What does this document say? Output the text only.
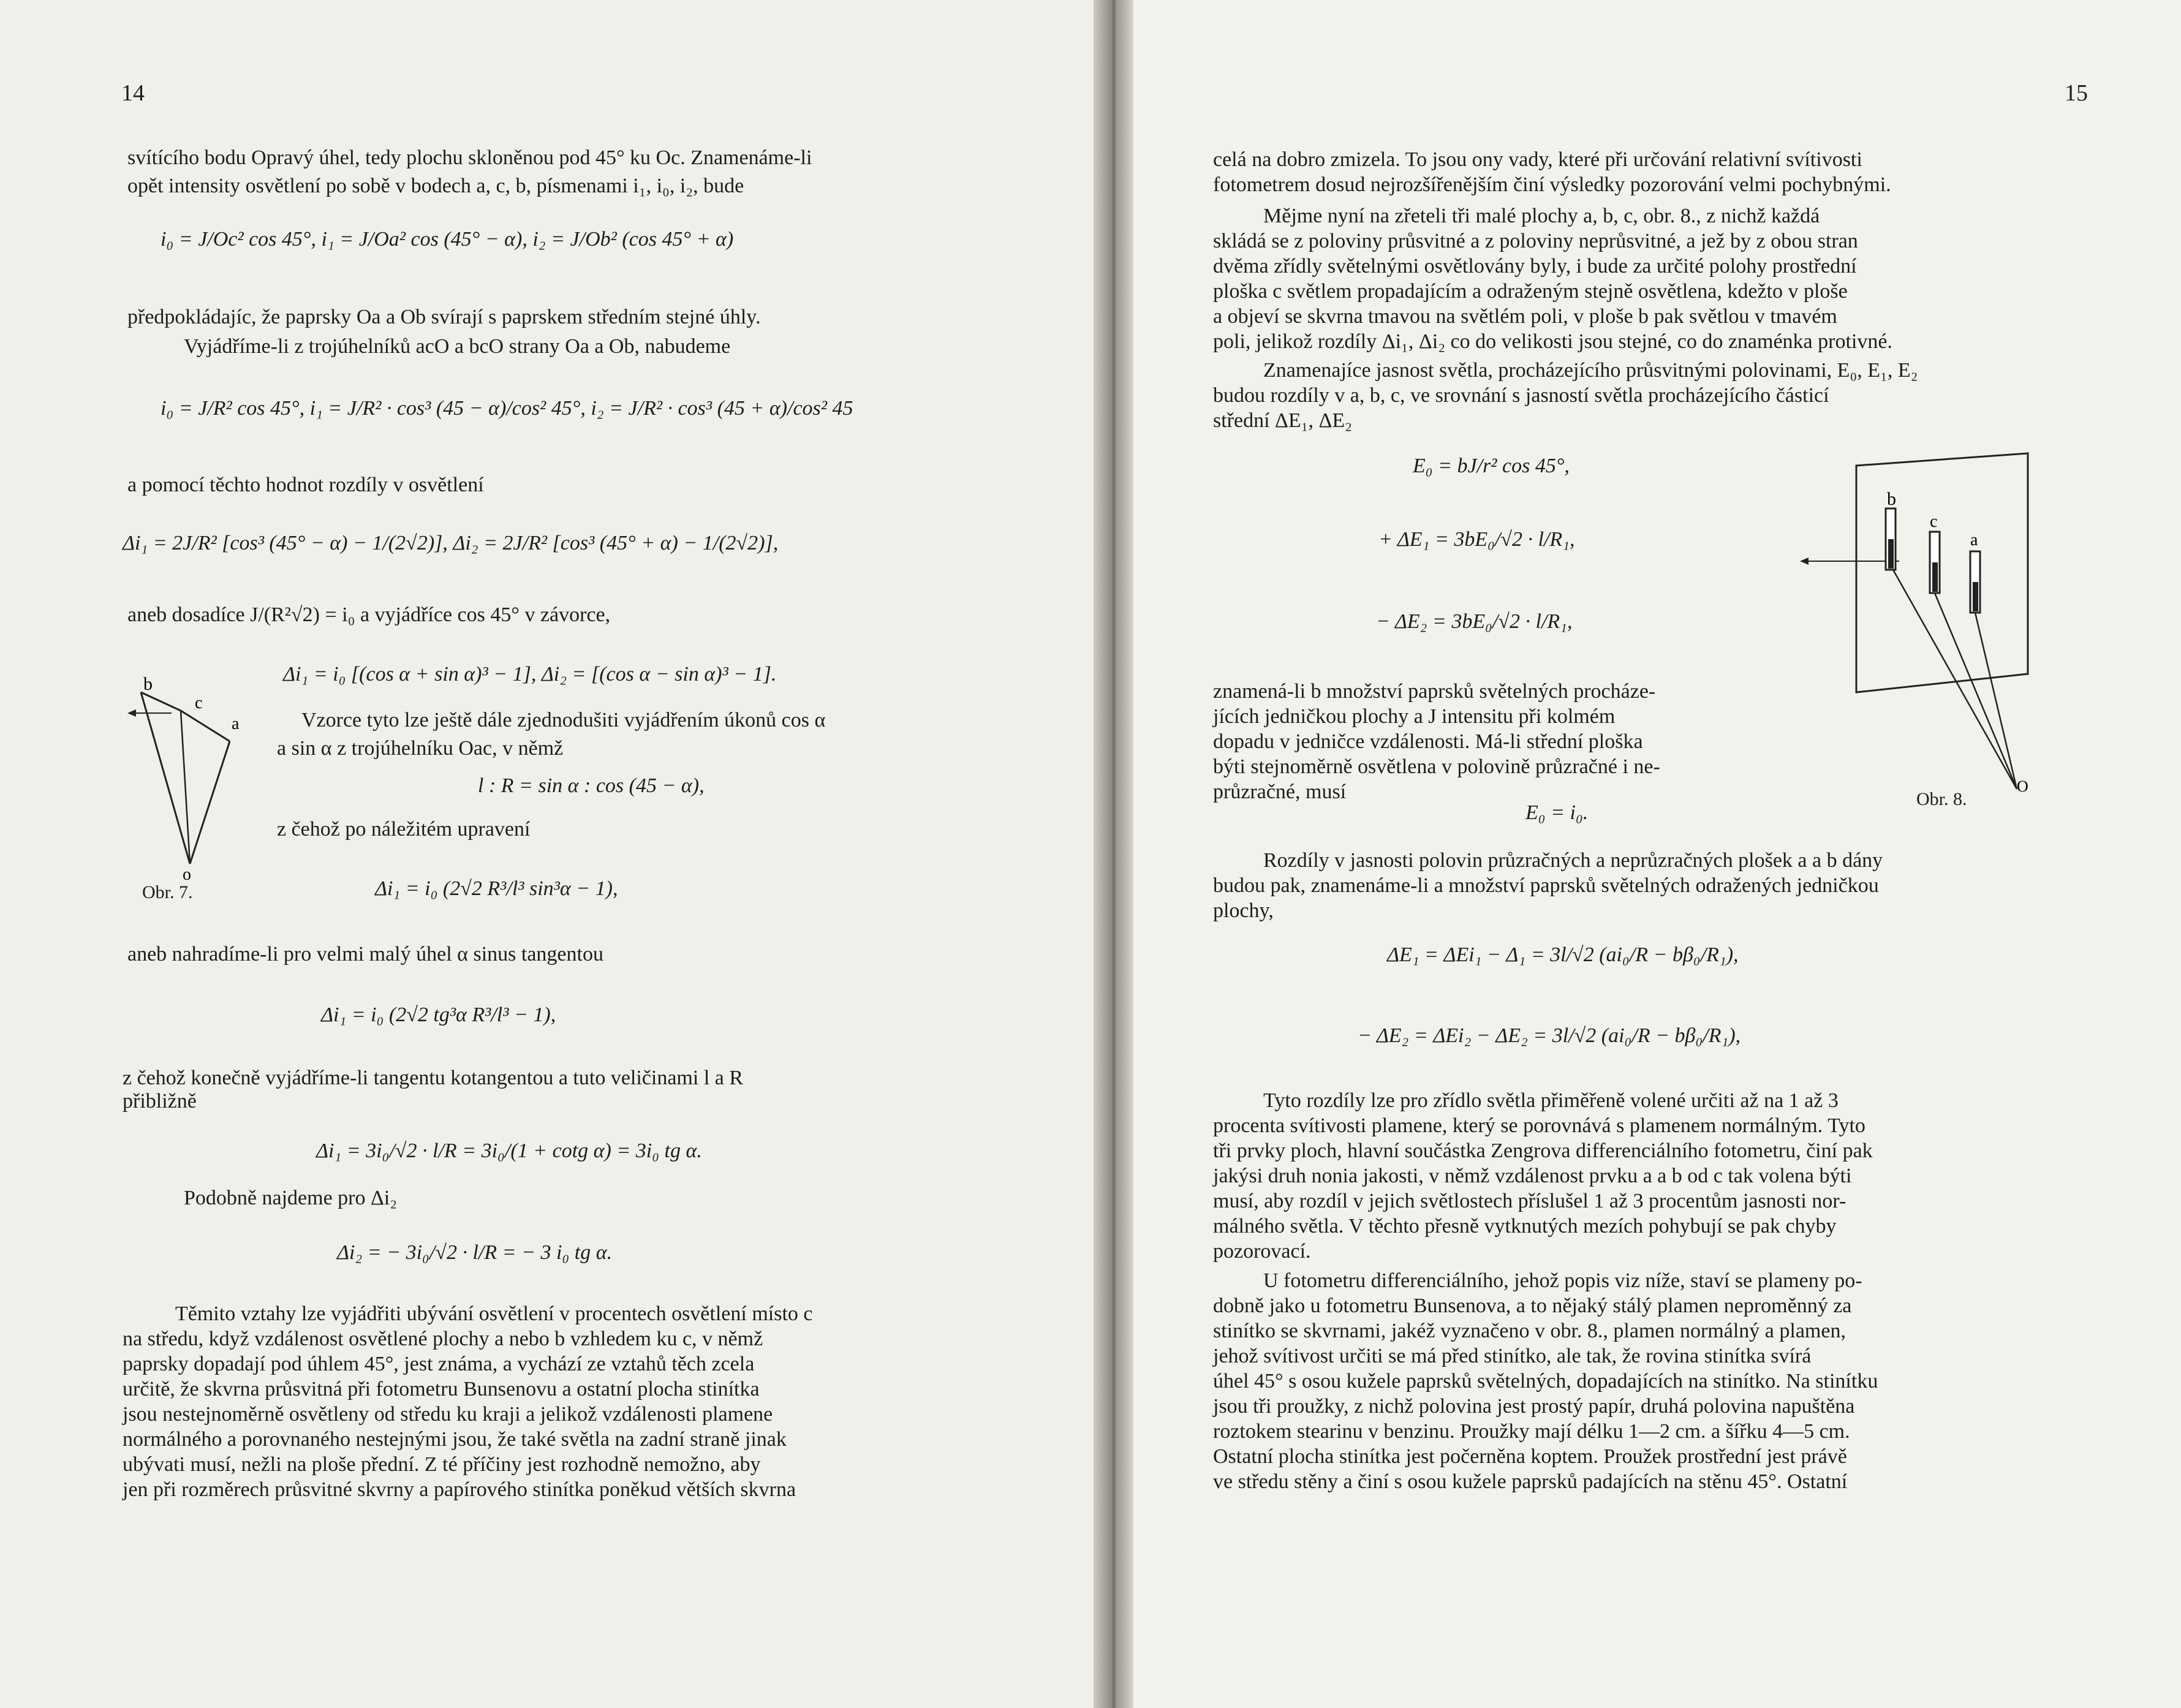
14
svítícího bodu Opravý úhel, tedy plochu skloněnou pod 45° ku Oc. Znamenáme-li
opět intensity osvětlení po sobě v bodech a, c, b, písmenami i₁, i₀, i₂, bude
i₀ = J/Oc² cos 45°, i₁ = J/Oa² cos (45° − α), i₂ = J/Ob² (cos 45° + α)
předpokládajíc, že paprsky Oa a Ob svírají s paprskem středním stejné úhly.
Vyjádříme-li z trojúhelníků acO a bcO strany Oa a Ob, nabudeme
i₀ = J/R² cos 45°, i₁ = J/R² · cos³ (45 − α)/cos² 45°, i₂ = J/R² · cos³ (45 + α)/cos² 45
a pomocí těchto hodnot rozdíly v osvětlení
Δi₁ = 2J/R² [cos³ (45° − α) − 1/(2√2)], Δi₂ = 2J/R² [cos³ (45° + α) − 1/(2√2)],
aneb dosadíce J/(R²√2) = i₀ a vyjádříce cos 45° v závorce,
Δi₁ = i₀ [(cos α + sin α)³ − 1], Δi₂ = [(cos α − sin α)³ − 1].
Vzorce tyto lze ještě dále zjednodušiti vyjádřením úkonů cos α
a sin α z trojúhelníku Oac, v němž
l : R = sin α : cos (45 − α),
z čehož po náležitém upravení
Δi₁ = i₀ (2√2 R³/l³ sin³α − 1),
b
c
a
o
Obr. 7.
aneb nahradíme-li pro velmi malý úhel α sinus tangentou
Δi₁ = i₀ (2√2 tg³α R³/l³ − 1),
z čehož konečně vyjádříme-li tangentu kotangentou a tuto veličinami l a R
přibližně
Δi₁ = 3i₀/√2 · l/R = 3i₀/(1 + cotg α) = 3i₀ tg α.
Podobně najdeme pro Δi₂
Δi₂ = − 3i₀/√2 · l/R = − 3 i₀ tg α.

Těmito vztahy lze vyjádřiti ubývání osvětlení v procentech osvětlení místo c

na středu, když vzdálenost osvětlené plochy a nebo b vzhledem ku c, v němž

paprsky dopadají pod úhlem 45°, jest známa, a vychází ze vztahů těch zcela

určitě, že skvrna průsvitná při fotometru Bunsenovu a ostatní plocha stinítka

jsou nestejnoměrně osvětleny od středu ku kraji a jelikož vzdálenosti plamene

normálného a porovnaného nestejnými jsou, že také světla na zadní straně jinak

ubývati musí, nežli na ploše přední. Z té příčiny jest rozhodně nemožno, aby

jen při rozměrech průsvitné skvrny a papírového stinítka poněkud větších skvrna

15

celá na dobro zmizela. To jsou ony vady, které při určování relativní svítivosti

fotometrem dosud nejrozšířenějším činí výsledky pozorování velmi pochybnými.

Mějme nyní na zřeteli tři malé plochy a, b, c, obr. 8., z nichž každá

skládá se z poloviny průsvitné a z poloviny neprůsvitné, a jež by z obou stran

dvěma zřídly světelnými osvětlovány byly, i bude za určité polohy prostřední

ploška c světlem propadajícím a odraženým stejně osvětlena, kdežto v ploše

a objeví se skvrna tmavou na světlém poli, v ploše b pak světlou v tmavém

poli, jelikož rozdíly Δi₁, Δi₂ co do velikosti jsou stejné, co do znaménka protivné.

Znamenajíce jasnost světla, procházejícího průsvitnými polovinami, E₀, E₁, E₂

budou rozdíly v a, b, c, ve srovnání s jasností světla procházejícího částicí

střední ΔE₁, ΔE₂

E₀ = bJ/r² cos 45°,
+ ΔE₁ = 3bE₀/√2 · l/R₁,
− ΔE₂ = 3bE₀/√2 · l/R₁,

znamená-li b množství paprsků světelných procháze-

jících jedničkou plochy a J intensitu při kolmém

dopadu v jedničce vzdálenosti. Má-li střední ploška

býti stejnoměrně osvětlena v polovině průzračné i ne-

průzračné, musí

E₀ = i₀.
b
c
a
O
Obr. 8.

Rozdíly v jasnosti polovin průzračných a neprůzračných plošek a a b dány

budou pak, znamenáme-li a množství paprsků světelných odražených jedničkou

plochy,

ΔE₁ = ΔEi₁ − Δ₁ = 3l/√2 (ai₀/R − bβ₀/R₁),
− ΔE₂ = ΔEi₂ − ΔE₂ = 3l/√2 (ai₀/R − bβ₀/R₁),

Tyto rozdíly lze pro zřídlo světla přiměřeně volené určiti až na 1 až 3

procenta svítivosti plamene, který se porovnává s plamenem normálným. Tyto

tři prvky ploch, hlavní součástka Zengrova differenciálního fotometru, činí pak

jakýsi druh nonia jakosti, v němž vzdálenost prvku a a b od c tak volena býti

musí, aby rozdíl v jejich světlostech příslušel 1 až 3 procentům jasnosti nor-

málného světla. V těchto přesně vytknutých mezích pohybují se pak chyby

pozorovací.

U fotometru differenciálního, jehož popis viz níže, staví se plameny po-

dobně jako u fotometru Bunsenova, a to nějaký stálý plamen neproměnný za

stinítko se skvrnami, jakéž vyznačeno v obr. 8., plamen normálný a plamen,

jehož svítivost určiti se má před stinítko, ale tak, že rovina stinítka svírá

úhel 45° s osou kužele paprsků světelných, dopadajících na stinítko. Na stinítku

jsou tři proužky, z nichž polovina jest prostý papír, druhá polovina napuštěna

roztokem stearinu v benzinu. Proužky mají délku 1—2 cm. a šířku 4—5 cm.

Ostatní plocha stinítka jest počerněna koptem. Proužek prostřední jest právě

ve středu stěny a činí s osou kužele paprsků padajících na stěnu 45°. Ostatní
